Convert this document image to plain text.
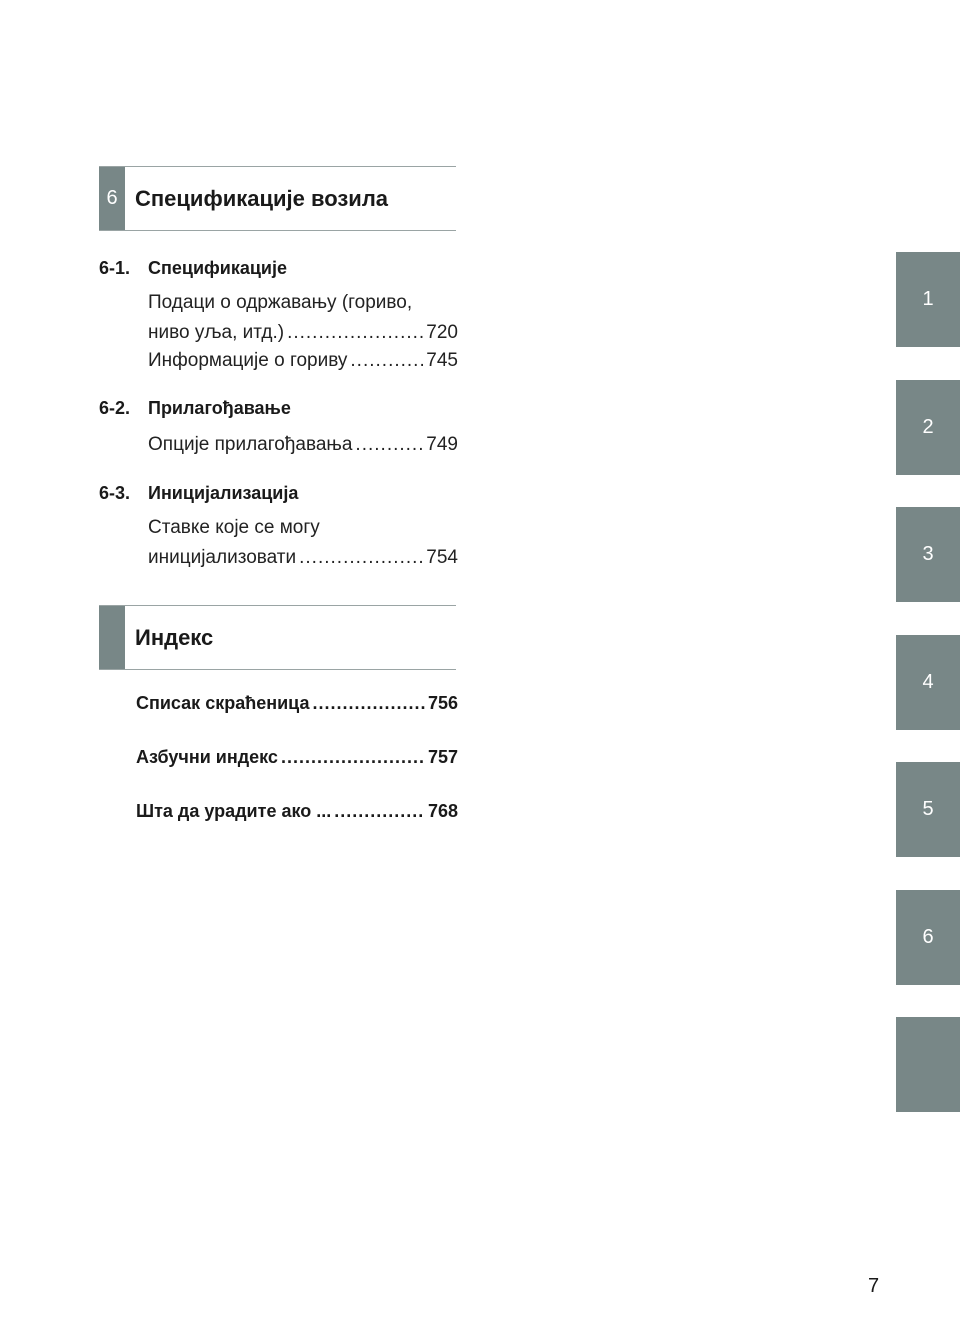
6 Спецификације возила
6-1. Спецификације
Подаци о одржавању (гориво,
ниво уља, итд.) .....	720
Информације о гориву .....	745
6-2. Прилагођавање
Опције прилагођавања .....	749
6-3. Иницијализација
Ставке које се могу
иницијализовати .....	754
Индекс
Списак скраћеница .....	756
Азбучни индекс .....	757
Шта да урадите ако ... .....	768
1
2
3
4
5
6
7
